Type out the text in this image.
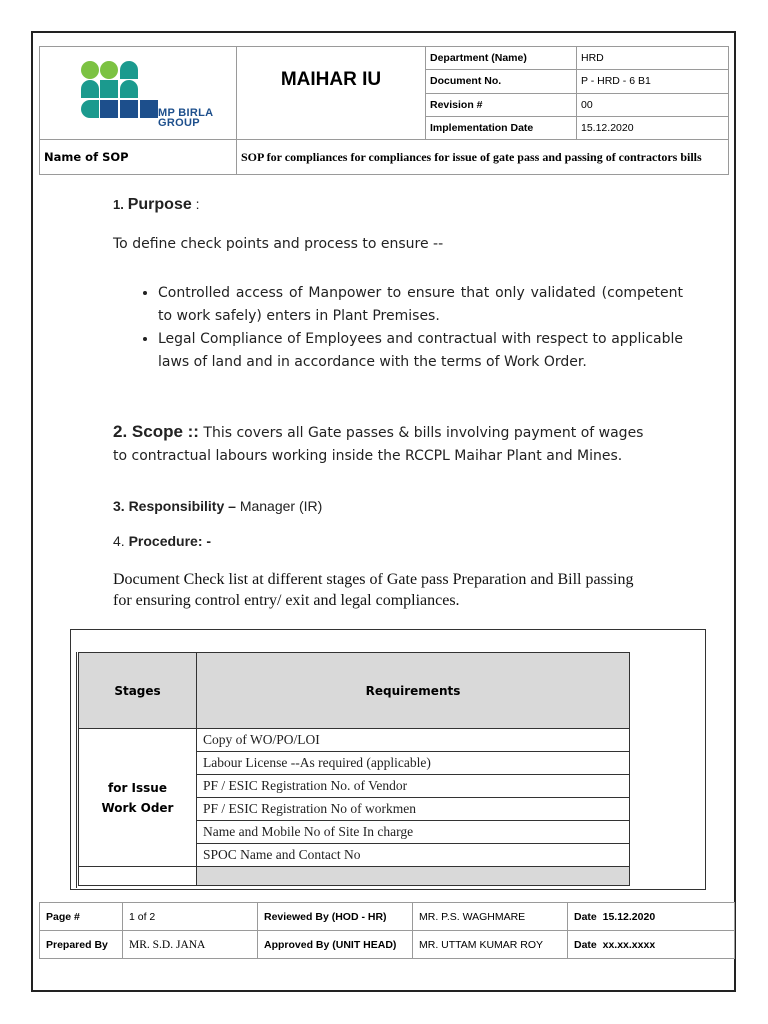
MP BIRLA
GROUP	MAIHAR IU	Department (Name)	HRD
		Document No.	P - HRD - 6 B1
		Revision #	00
		Implementation Date	15.12.2020
Name of SOP	SOP for compliances for compliances for issue of gate pass and passing of contractors bills		
1. Purpose :
To define check points and process to ensure --
• Controlled access of Manpower to ensure that only validated (competent to work safely) enters in Plant Premises.
• Legal Compliance of Employees and contractual with respect to applicable laws of land and in accordance with the terms of Work Order.
2. Scope :: This covers all Gate passes & bills involving payment of wages to contractual labours working inside the RCCPL Maihar Plant and Mines.
3. Responsibility – Manager (IR)
4. Procedure: -
Document Check list at different stages of Gate pass Preparation and Bill passing for ensuring control entry/ exit and legal compliances.
Stages	Requirements
for Issue
Work Oder	Copy of WO/PO/LOI
	Labour License --As required (applicable)
	PF / ESIC Registration No. of Vendor
	PF / ESIC Registration No of workmen
	Name and Mobile No of Site In charge
	SPOC Name and Contact No

Page #	1 of 2	Reviewed By (HOD - HR)	MR. P.S. WAGHMARE	Date 15.12.2020
Prepared By	MR. S.D. JANA	Approved By (UNIT HEAD)	MR. UTTAM KUMAR ROY	Date xx.xx.xxxx
